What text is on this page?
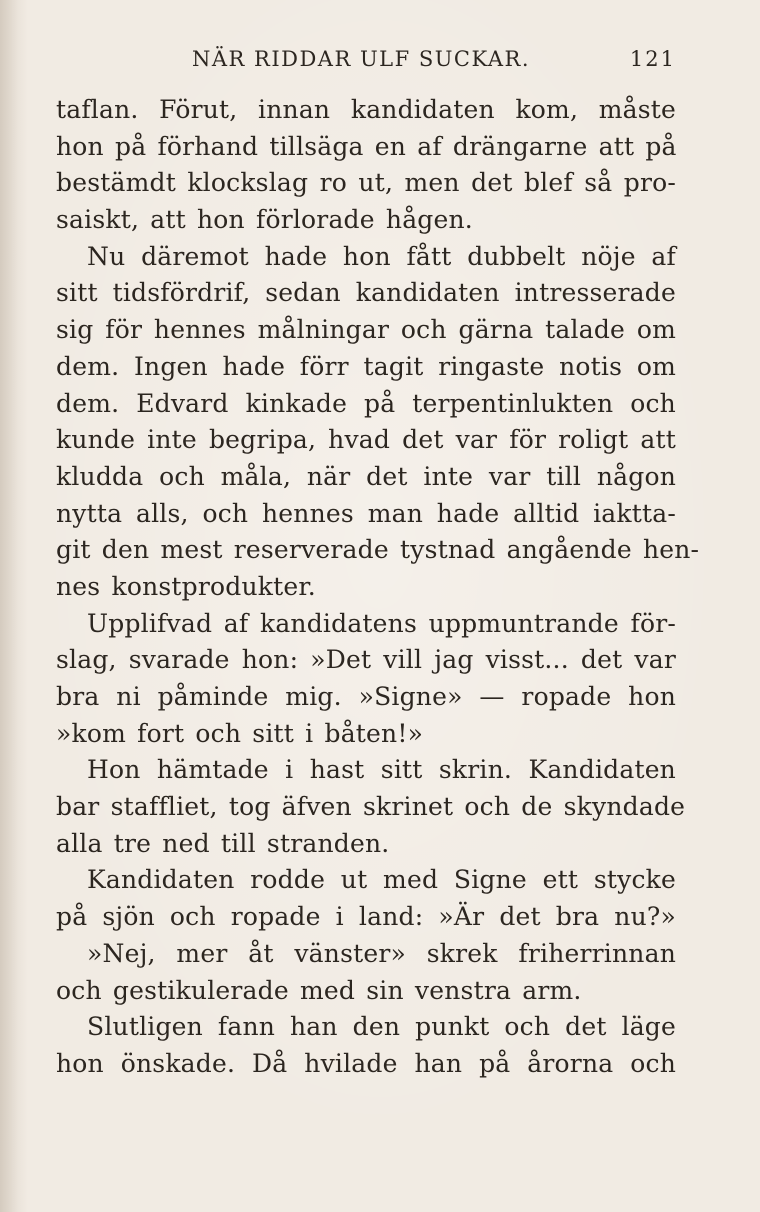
NÄR RIDDAR ULF SUCKAR.	121
taflan. Förut, innan kandidaten kom, måste
hon på förhand tillsäga en af drängarne att på
bestämdt klockslag ro ut, men det blef så pro-
saiskt, att hon förlorade hågen.
Nu däremot hade hon fått dubbelt nöje af
sitt tidsfördrif, sedan kandidaten intresserade
sig för hennes målningar och gärna talade om
dem. Ingen hade förr tagit ringaste notis om
dem. Edvard kinkade på terpentinlukten och
kunde inte begripa, hvad det var för roligt att
kludda och måla, när det inte var till någon
nytta alls, och hennes man hade alltid iaktta-
git den mest reserverade tystnad angående hen-
nes konstprodukter.
Upplifvad af kandidatens uppmuntrande för-
slag, svarade hon: »Det vill jag visst... det var
bra ni påminde mig. »Signe» — ropade hon
»kom fort och sitt i båten!»
Hon hämtade i hast sitt skrin. Kandidaten
bar staffliet, tog äfven skrinet och de skyndade
alla tre ned till stranden.
Kandidaten rodde ut med Signe ett stycke
på sjön och ropade i land: »Är det bra nu?»
»Nej, mer åt vänster» skrek friherrinnan
och gestikulerade med sin venstra arm.
Slutligen fann han den punkt och det läge
hon önskade. Då hvilade han på årorna och
